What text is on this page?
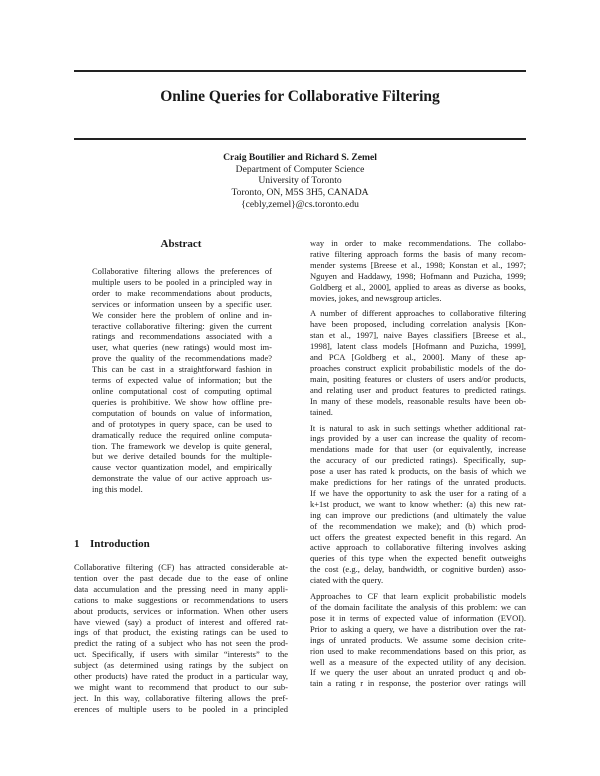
Online Queries for Collaborative Filtering
Craig Boutilier and Richard S. Zemel
Department of Computer Science
University of Toronto
Toronto, ON, M5S 3H5, CANADA
{cebly,zemel}@cs.toronto.edu
Abstract
Collaborative filtering allows the preferences of
multiple users to be pooled in a principled way in
order to make recommendations about products,
services or information unseen by a specific user.
We consider here the problem of online and in-
teractive collaborative filtering: given the current
ratings and recommendations associated with a
user, what queries (new ratings) would most im-
prove the quality of the recommendations made?
This can be cast in a straightforward fashion in
terms of expected value of information; but the
online computational cost of computing optimal
queries is prohibitive. We show how offline pre-
computation of bounds on value of information,
and of prototypes in query space, can be used to
dramatically reduce the required online computa-
tion. The framework we develop is quite general,
but we derive detailed bounds for the multiple-
cause vector quantization model, and empirically
demonstrate the value of our active approach us-
ing this model.
1 Introduction
Collaborative filtering (CF) has attracted considerable at-
tention over the past decade due to the ease of online
data accumulation and the pressing need in many appli-
cations to make suggestions or recommendations to users
about products, services or information. When other users
have viewed (say) a product of interest and offered rat-
ings of that product, the existing ratings can be used to
predict the rating of a subject who has not seen the prod-
uct. Specifically, if users with similar “interests” to the
subject (as determined using ratings by the subject on
other products) have rated the product in a particular way,
we might want to recommend that product to our sub-
ject. In this way, collaborative filtering allows the pref-
erences of multiple users to be pooled in a principled
way in order to make recommendations. The collabo-
rative filtering approach forms the basis of many recom-
mender systems [Breese et al., 1998; Konstan et al., 1997;
Nguyen and Haddawy, 1998; Hofmann and Puzicha, 1999;
Goldberg et al., 2000], applied to areas as diverse as books,
movies, jokes, and newsgroup articles.
A number of different approaches to collaborative filtering
have been proposed, including correlation analysis [Kon-
stan et al., 1997], naive Bayes classifiers [Breese et al.,
1998], latent class models [Hofmann and Puzicha, 1999],
and PCA [Goldberg et al., 2000]. Many of these ap-
proaches construct explicit probabilistic models of the do-
main, positing features or clusters of users and/or products,
and relating user and product features to predicted ratings.
In many of these models, reasonable results have been ob-
tained.
It is natural to ask in such settings whether additional rat-
ings provided by a user can increase the quality of recom-
mendations made for that user (or equivalently, increase
the accuracy of our predicted ratings). Specifically, sup-
pose a user has rated k products, on the basis of which we
make predictions for her ratings of the unrated products.
If we have the opportunity to ask the user for a rating of a
k+1st product, we want to know whether: (a) this new rat-
ing can improve our predictions (and ultimately the value
of the recommendation we make); and (b) which prod-
uct offers the greatest expected benefit in this regard. An
active approach to collaborative filtering involves asking
queries of this type when the expected benefit outweighs
the cost (e.g., delay, bandwidth, or cognitive burden) asso-
ciated with the query.
Approaches to CF that learn explicit probabilistic models
of the domain facilitate the analysis of this problem: we can
pose it in terms of expected value of information (EVOI).
Prior to asking a query, we have a distribution over the rat-
ings of unrated products. We assume some decision crite-
rion used to make recommendations based on this prior, as
well as a measure of the expected utility of any decision.
If we query the user about an unrated product q and ob-
tain a rating r in response, the posterior over ratings will
